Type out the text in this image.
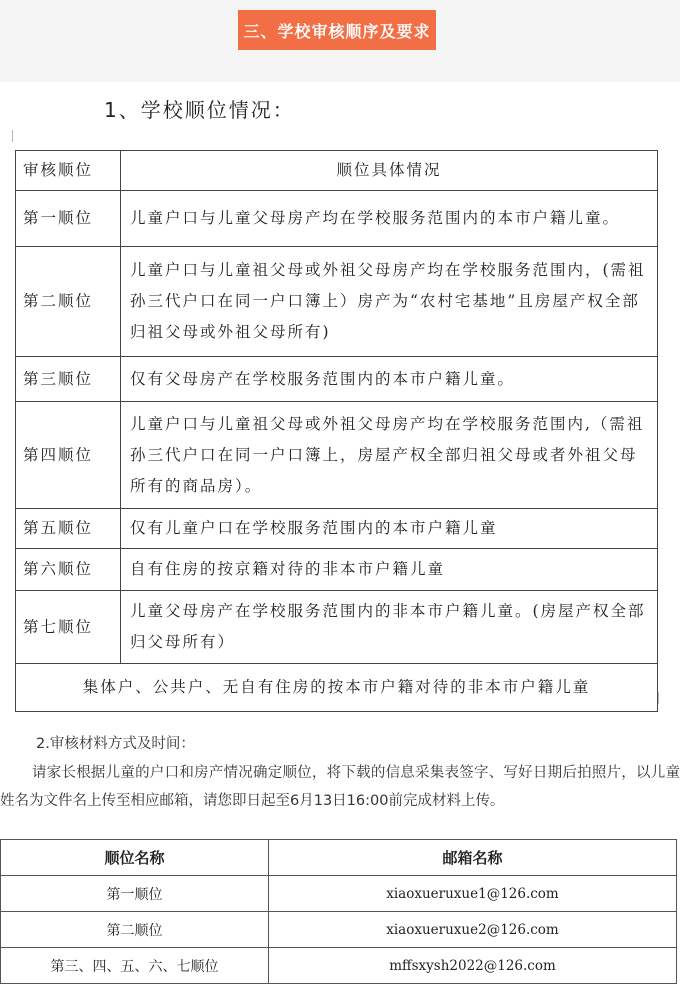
三、学校审核顺序及要求
1、学校顺位情况：
审核顺位	顺位具体情况
第一顺位	儿童户口与儿童父母房产均在学校服务范围内的本市户籍儿童。
第二顺位	儿童户口与儿童祖父母或外祖父母房产均在学校服务范围内，(需祖孙三代户口在同一户口簿上）房产为“农村宅基地”且房屋产权全部归祖父母或外祖父母所有)
第三顺位	仅有父母房产在学校服务范围内的本市户籍儿童。
第四顺位	儿童户口与儿童祖父母或外祖父母房产均在学校服务范围内,（需祖孙三代户口在同一户口簿上，房屋产权全部归祖父母或者外祖父母所有的商品房）。
第五顺位	仅有儿童户口在学校服务范围内的本市户籍儿童
第六顺位	自有住房的按京籍对待的非本市户籍儿童
第七顺位	儿童父母房产在学校服务范围内的非本市户籍儿童。(房屋产权全部归父母所有）
集体户、公共户、无自有住房的按本市户籍对待的非本市户籍儿童	
2.审核材料方式及时间：
请家长根据儿童的户口和房产情况确定顺位，将下载的信息采集表签字、写好日期后拍照片，以儿童姓名为文件名上传至相应邮箱，请您即日起至6月13日16:00前完成材料上传。
顺位名称	邮箱名称
第一顺位	xiaoxueruxue1@126.com
第二顺位	xiaoxueruxue2@126.com
第三、四、五、六、七顺位	mffsxysh2022@126.com
